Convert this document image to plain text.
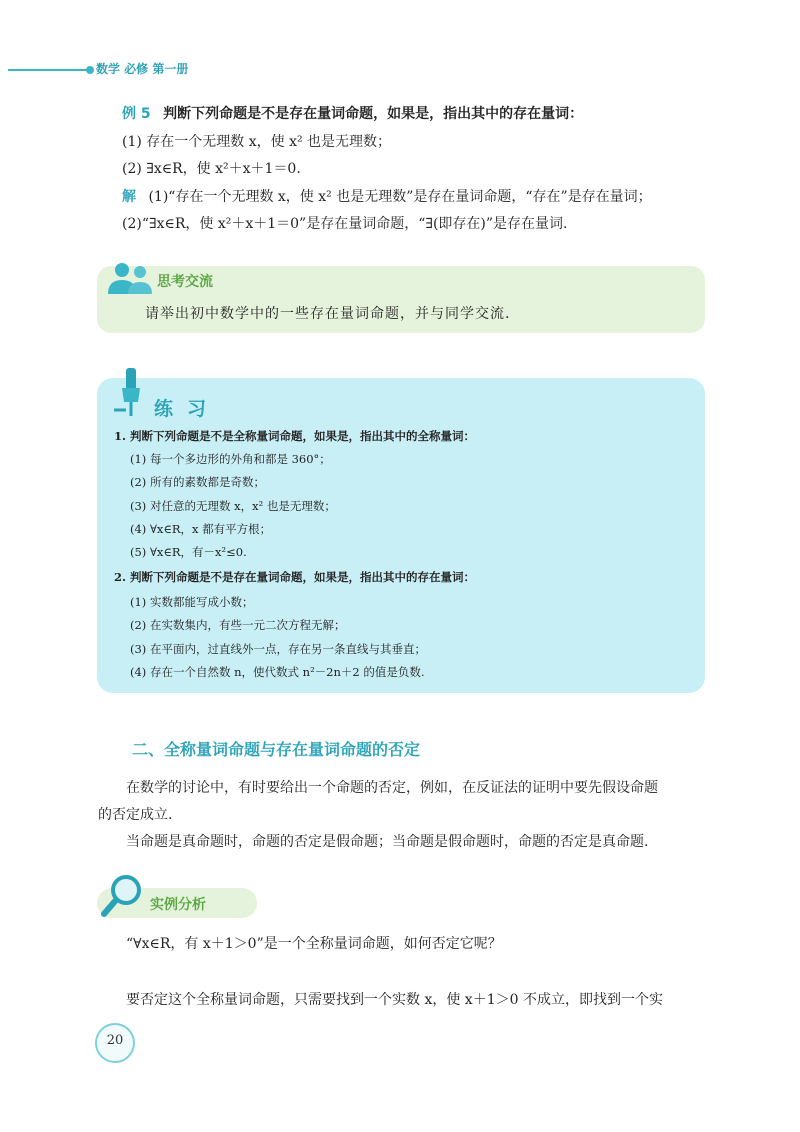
数学 必修 第一册
例 5 判断下列命题是不是存在量词命题，如果是，指出其中的存在量词：
(1) 存在一个无理数 x，使 x² 也是无理数；
(2) ∃x∈R，使 x²＋x＋1＝0.
解 (1)“存在一个无理数 x，使 x² 也是无理数”是存在量词命题，“存在”是存在量词；
(2)“∃x∈R，使 x²＋x＋1＝0”是存在量词命题，“∃(即存在)”是存在量词.
思考交流
请举出初中数学中的一些存在量词命题，并与同学交流.
练习
1. 判断下列命题是不是全称量词命题，如果是，指出其中的全称量词：
(1) 每一个多边形的外角和都是 360°；
(2) 所有的素数都是奇数；
(3) 对任意的无理数 x，x² 也是无理数；
(4) ∀x∈R，x 都有平方根；
(5) ∀x∈R，有－x²≤0.
2. 判断下列命题是不是存在量词命题，如果是，指出其中的存在量词：
(1) 实数都能写成小数；
(2) 在实数集内，有些一元二次方程无解；
(3) 在平面内，过直线外一点，存在另一条直线与其垂直；
(4) 存在一个自然数 n，使代数式 n²－2n＋2 的值是负数.
二、全称量词命题与存在量词命题的否定
在数学的讨论中，有时要给出一个命题的否定，例如，在反证法的证明中要先假设命题
的否定成立.
当命题是真命题时，命题的否定是假命题；当命题是假命题时，命题的否定是真命题.
实例分析
“∀x∈R，有 x＋1＞0”是一个全称量词命题，如何否定它呢？
要否定这个全称量词命题，只需要找到一个实数 x，使 x＋1＞0 不成立，即找到一个实
20
